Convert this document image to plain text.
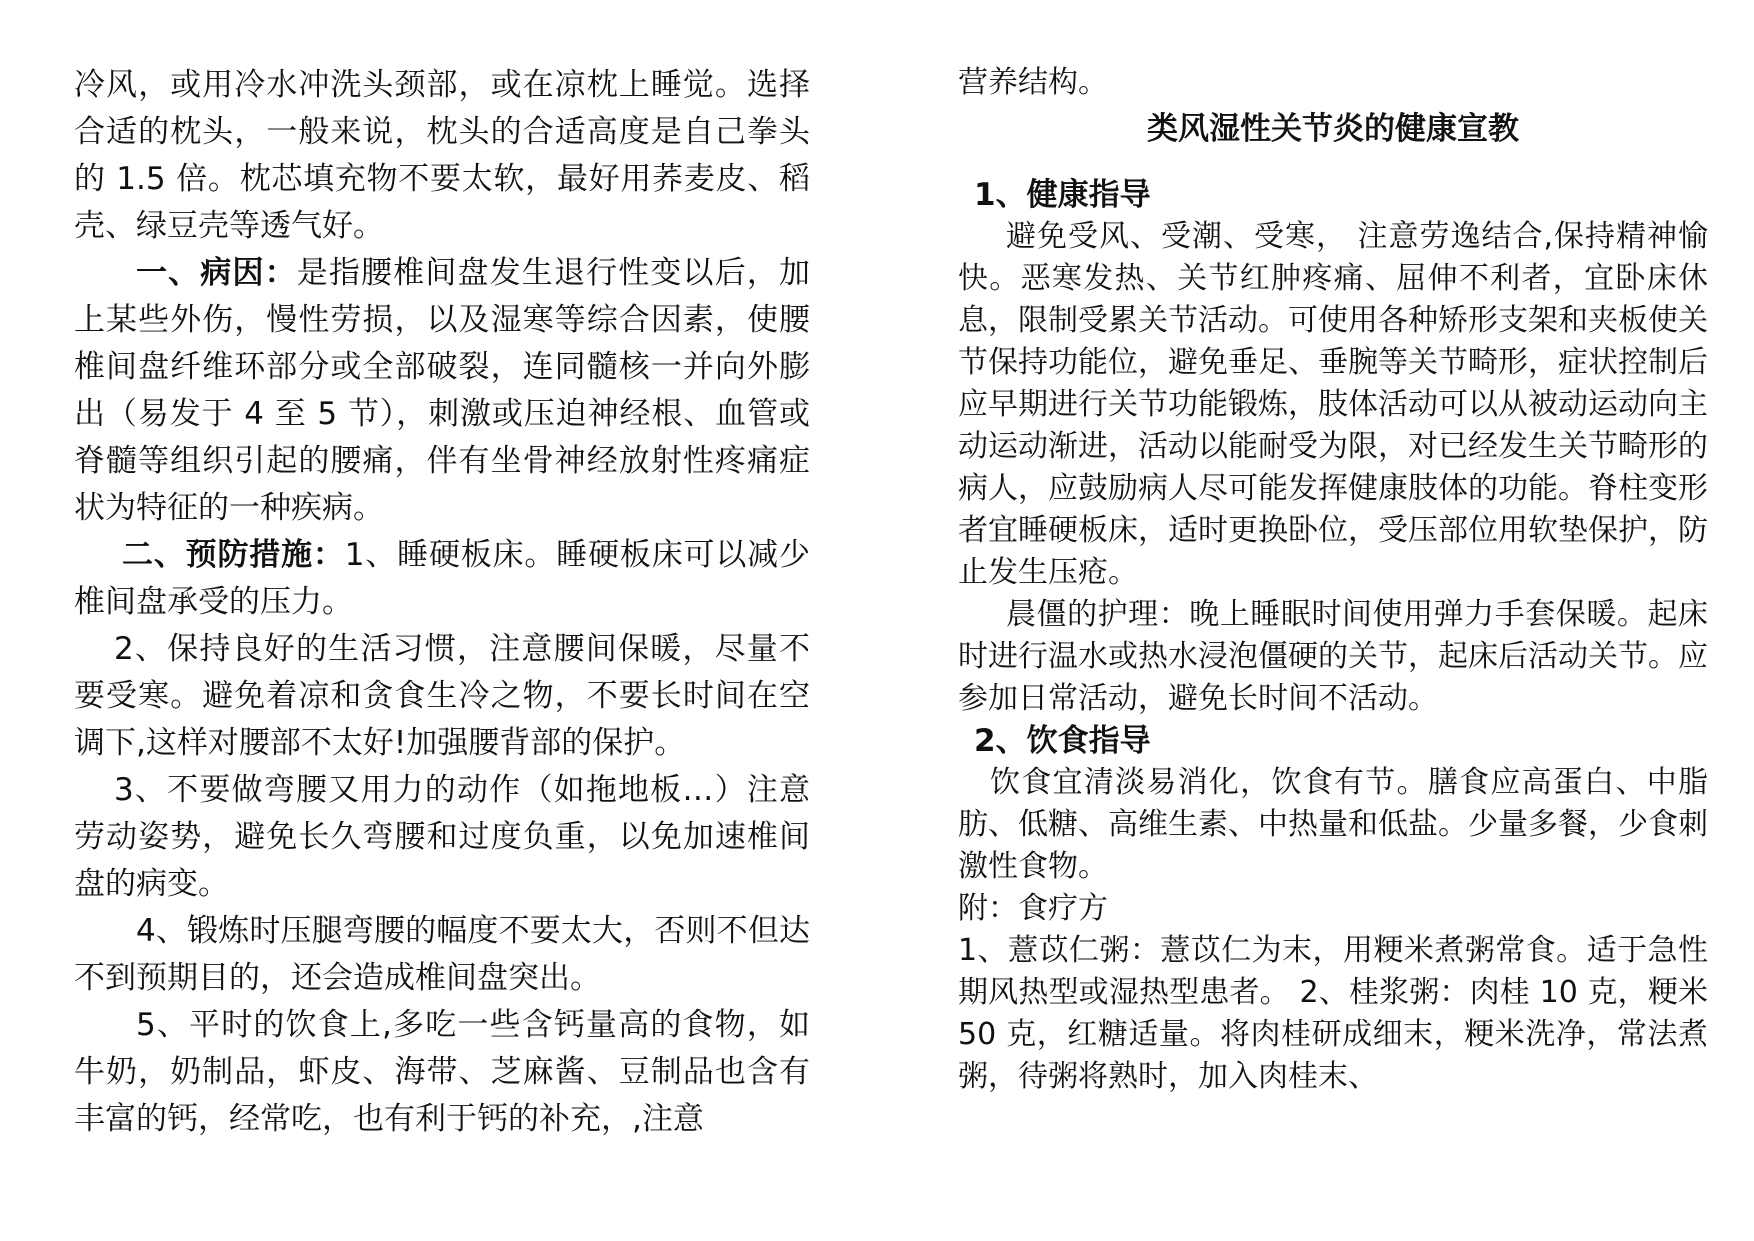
冷风，或用冷水冲洗头颈部，或在凉枕上睡觉。选择合适的枕头，一般来说，枕头的合适高度是自己拳头的 1.5 倍。枕芯填充物不要太软，最好用荞麦皮、稻壳、绿豆壳等透气好。

一、病因：是指腰椎间盘发生退行性变以后，加上某些外伤，慢性劳损，以及湿寒等综合因素，使腰椎间盘纤维环部分或全部破裂，连同髓核一并向外膨出（易发于 4 至 5 节），刺激或压迫神经根、血管或脊髓等组织引起的腰痛，伴有坐骨神经放射性疼痛症状为特征的一种疾病。

二、预防措施：1、睡硬板床。睡硬板床可以减少椎间盘承受的压力。

2、保持良好的生活习惯，注意腰间保暖，尽量不要受寒。避免着凉和贪食生冷之物，不要长时间在空调下,这样对腰部不太好!加强腰背部的保护。

3、不要做弯腰又用力的动作（如拖地板…）注意劳动姿势，避免长久弯腰和过度负重，以免加速椎间盘的病变。

4、锻炼时压腿弯腰的幅度不要太大，否则不但达不到预期目的，还会造成椎间盘突出。

5、平时的饮食上,多吃一些含钙量高的食物，如牛奶，奶制品，虾皮、海带、芝麻酱、豆制品也含有丰富的钙，经常吃，也有利于钙的补充，,注意

营养结构。

类风湿性关节炎的健康宣教
1、健康指导

避免受风、受潮、受寒， 注意劳逸结合,保持精神愉快。恶寒发热、关节红肿疼痛、屈伸不利者，宜卧床休息，限制受累关节活动。可使用各种矫形支架和夹板使关节保持功能位，避免垂足、垂腕等关节畸形，症状控制后应早期进行关节功能锻炼，肢体活动可以从被动运动向主动运动渐进，活动以能耐受为限，对已经发生关节畸形的病人，应鼓励病人尽可能发挥健康肢体的功能。脊柱变形者宜睡硬板床，适时更换卧位，受压部位用软垫保护，防止发生压疮。

晨僵的护理：晚上睡眠时间使用弹力手套保暖。起床时进行温水或热水浸泡僵硬的关节，起床后活动关节。应参加日常活动，避免长时间不活动。

2、饮食指导

饮食宜清淡易消化，饮食有节。膳食应高蛋白、中脂肪、低糖、高维生素、中热量和低盐。少量多餐，少食刺激性食物。

附：食疗方

1、薏苡仁粥：薏苡仁为末，用粳米煮粥常食。适于急性期风热型或湿热型患者。 2、桂浆粥：肉桂 10 克，粳米 50 克，红糖适量。将肉桂研成细末，粳米洗净，常法煮粥，待粥将熟时，加入肉桂末、
